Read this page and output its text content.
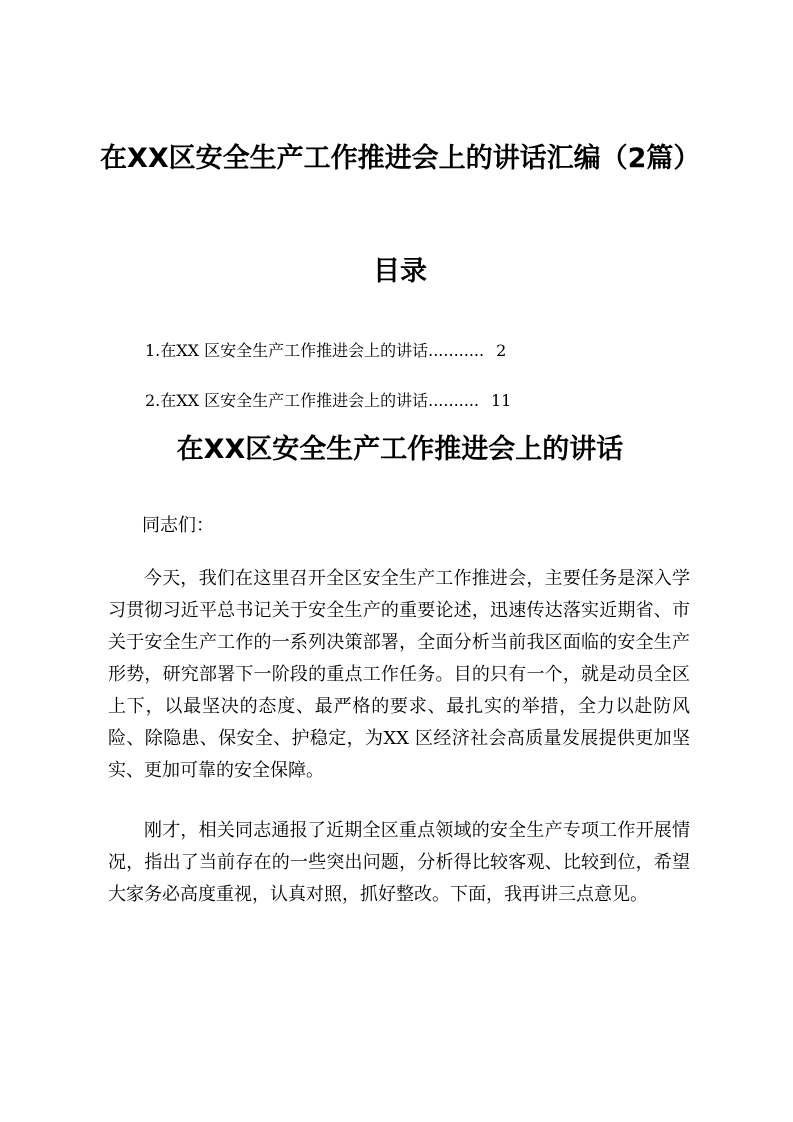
在XX区安全生产工作推进会上的讲话汇编（2篇）
目录
1.在XX 区安全生产工作推进会上的讲话........... 2
2.在XX 区安全生产工作推进会上的讲话.......... 11
在XX区安全生产工作推进会上的讲话

同志们：

今天，我们在这里召开全区安全生产工作推进会，主要任务是深入学习贯彻习近平总书记关于安全生产的重要论述，迅速传达落实近期省、市关于安全生产工作的一系列决策部署，全面分析当前我区面临的安全生产形势，研究部署下一阶段的重点工作任务。目的只有一个，就是动员全区上下，以最坚决的态度、最严格的要求、最扎实的举措，全力以赴防风险、除隐患、保安全、护稳定，为XX 区经济社会高质量发展提供更加坚实、更加可靠的安全保障。

刚才，相关同志通报了近期全区重点领域的安全生产专项工作开展情况，指出了当前存在的一些突出问题，分析得比较客观、比较到位，希望大家务必高度重视，认真对照，抓好整改。下面，我再讲三点意见。
